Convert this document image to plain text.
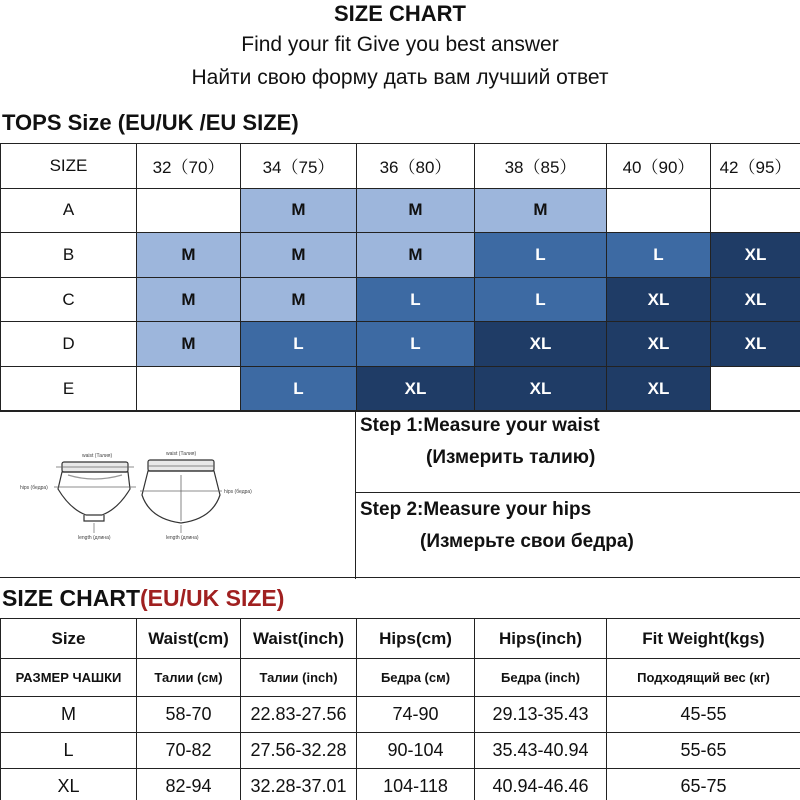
SIZE CHART
Find your fit Give you best answer
Найти свою форму дать вам лучший ответ
TOPS Size (EU/UK /EU SIZE)
SIZE	32（70）	34（75）	36（80）	38（85）	40（90）	42（95）
A		M	M	M		
B	M	M	M	L	L	XL
C	M	M	L	L	XL	XL
D	M	L	L	XL	XL	XL
E		L	XL	XL	XL	
waist (Талия)	waist (Талия)
hips (бедра)
hips (бедра)
length (длина)	length (длина)
Step 1:Measure your waist
(Измерить талию)
Step 2:Measure your hips
(Измерьте свои бедра)
SIZE CHART(EU/UK SIZE)
Size	Waist(cm)	Waist(inch)	Hips(cm)	Hips(inch)	Fit Weight(kgs)
РАЗМЕР ЧАШКИ	Талии (см)	Талии (inch)	Бедра (см)	Бедра (inch)	Подходящий вес (кг)
M	58-70	22.83-27.56	74-90	29.13-35.43	45-55
L	70-82	27.56-32.28	90-104	35.43-40.94	55-65
XL	82-94	32.28-37.01	104-118	40.94-46.46	65-75
